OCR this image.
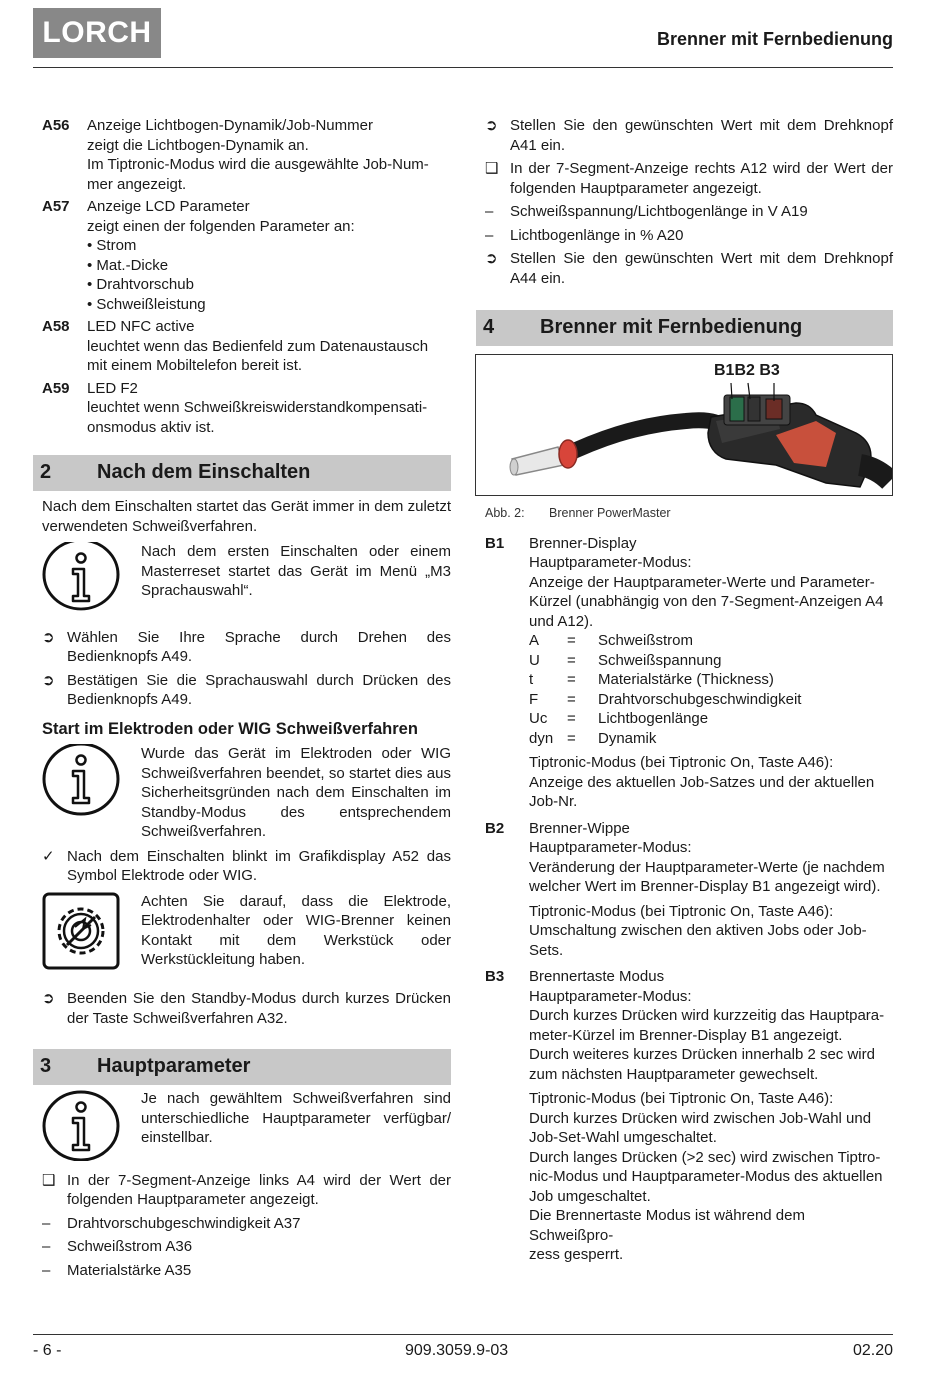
LORCH	Brenner mit Fernbedienung
A56	Anzeige Lichtbogen-Dynamik/Job-Nummer
zeigt die Lichtbogen-Dynamik an.
Im Tiptronic-Modus wird die ausgewählte Job-Num-
mer angezeigt.
A57	Anzeige LCD Parameter
zeigt einen der folgenden Parameter an:
• Strom
• Mat.-Dicke
• Drahtvorschub
• Schweißleistung
A58	LED NFC active
leuchtet wenn das Bedienfeld zum Datenaustausch
mit einem Mobiltelefon bereit ist.
A59	LED F2
leuchtet wenn Schweißkreiswiderstandkompensati-
onsmodus aktiv ist.
2	Nach dem Einschalten
Nach dem Einschalten startet das Gerät immer in dem zuletzt verwendeten Schweißverfahren.
Nach dem ersten Einschalten oder einem Masterreset startet das Gerät im Menü „M3 Sprachauswahl“.
➲ Wählen Sie Ihre Sprache durch Drehen des Bedienknopfs A49.
➲ Bestätigen Sie die Sprachauswahl durch Drücken des Bedienknopfs A49.
Start im Elektroden oder WIG Schweißverfahren
Wurde das Gerät im Elektroden oder WIG Schweißverfahren beendet, so startet dies aus Sicherheitsgründen nach dem Einschalten im Standby-Modus des entsprechendem Schweißverfahren.
✓ Nach dem Einschalten blinkt im Grafikdisplay A52 das Symbol Elektrode oder WIG.
Achten Sie darauf, dass die Elektrode, Elektrodenhalter oder WIG-Brenner keinen Kontakt mit dem Werkstück oder Werkstückleitung haben.
➲ Beenden Sie den Standby-Modus durch kurzes Drücken der Taste Schweißverfahren A32.
3	Hauptparameter
Je nach gewähltem Schweißverfahren sind unterschiedliche Hauptparameter verfügbar/ einstellbar.
❑ In der 7-Segment-Anzeige links A4 wird der Wert der folgenden Hauptparameter angezeigt.
–	Drahtvorschubgeschwindigkeit A37
–	Schweißstrom A36
–	Materialstärke A35
➲ Stellen Sie den gewünschten Wert mit dem Drehknopf A41 ein.
❑ In der 7-Segment-Anzeige rechts A12 wird der Wert der folgenden Hauptparameter angezeigt.
–	Schweißspannung/Lichtbogenlänge in V A19
–	Lichtbogenlänge in % A20
➲ Stellen Sie den gewünschten Wert mit dem Drehknopf A44 ein.
4	Brenner mit Fernbedienung
B1B2 B3
Abb. 2:	Brenner PowerMaster
B1	Brenner-Display
Hauptparameter-Modus:
Anzeige der Hauptparameter-Werte und Parameter-
Kürzel (unabhängig von den 7-Segment-Anzeigen A4
und A12).
A	=	Schweißstrom
U	=	Schweißspannung
t	=	Materialstärke (Thickness)
F	=	Drahtvorschubgeschwindigkeit
Uc	=	Lichtbogenlänge
dyn =	Dynamik
Tiptronic-Modus (bei Tiptronic On, Taste A46):
Anzeige des aktuellen Job-Satzes und der aktuellen
Job-Nr.
B2	Brenner-Wippe
Hauptparameter-Modus:
Veränderung der Hauptparameter-Werte (je nachdem
welcher Wert im Brenner-Display B1 angezeigt wird).
Tiptronic-Modus (bei Tiptronic On, Taste A46):
Umschaltung zwischen den aktiven Jobs oder Job-
Sets.
B3	Brennertaste Modus
Hauptparameter-Modus:
Durch kurzes Drücken wird kurzzeitig das Hauptpara-
meter-Kürzel im Brenner-Display B1 angezeigt.
Durch weiteres kurzes Drücken innerhalb 2 sec wird
zum nächsten Hauptparameter gewechselt.
Tiptronic-Modus (bei Tiptronic On, Taste A46):
Durch kurzes Drücken wird zwischen Job-Wahl und
Job-Set-Wahl umgeschaltet.
Durch langes Drücken (>2 sec) wird zwischen Tiptro-
nic-Modus und Hauptparameter-Modus des aktuellen
Job umgeschaltet.
Die Brennertaste Modus ist während dem Schweißpro-
zess gesperrt.
- 6 -	909.3059.9-03	02.20
